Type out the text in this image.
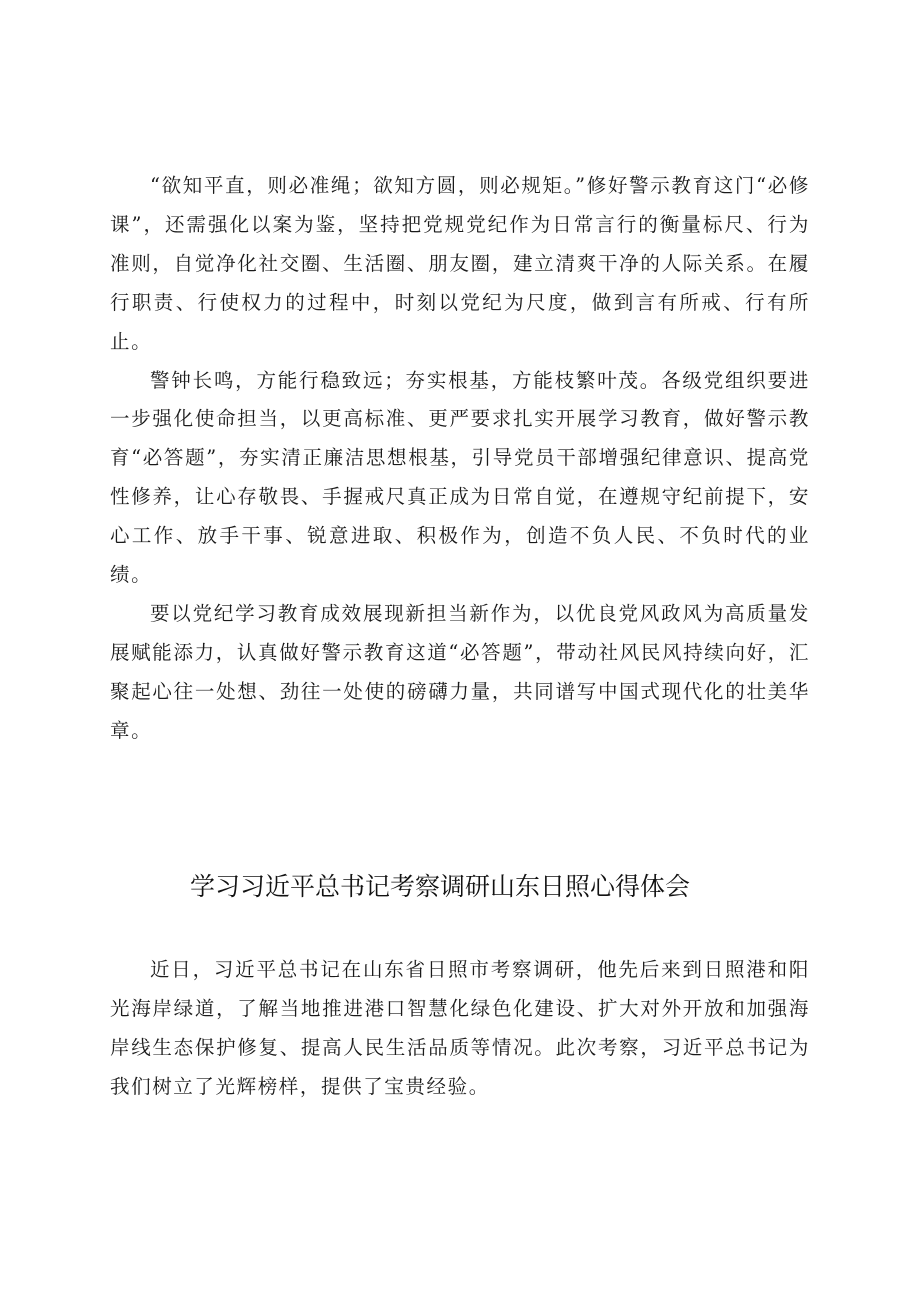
“欲知平直，则必准绳；欲知方圆，则必规矩。”修好警示教育这门“必修课”，还需强化以案为鉴，坚持把党规党纪作为日常言行的衡量标尺、行为准则，自觉净化社交圈、生活圈、朋友圈，建立清爽干净的人际关系。在履行职责、行使权力的过程中，时刻以党纪为尺度，做到言有所戒、行有所止。

警钟长鸣，方能行稳致远；夯实根基，方能枝繁叶茂。各级党组织要进一步强化使命担当，以更高标准、更严要求扎实开展学习教育，做好警示教育“必答题”，夯实清正廉洁思想根基，引导党员干部增强纪律意识、提高党性修养，让心存敬畏、手握戒尺真正成为日常自觉，在遵规守纪前提下，安心工作、放手干事、锐意进取、积极作为，创造不负人民、不负时代的业绩。

要以党纪学习教育成效展现新担当新作为，以优良党风政风为高质量发展赋能添力，认真做好警示教育这道“必答题”，带动社风民风持续向好，汇聚起心往一处想、劲往一处使的磅礴力量，共同谱写中国式现代化的壮美华章。

学习习近平总书记考察调研山东日照心得体会

近日，习近平总书记在山东省日照市考察调研，他先后来到日照港和阳光海岸绿道，了解当地推进港口智慧化绿色化建设、扩大对外开放和加强海岸线生态保护修复、提高人民生活品质等情况。此次考察，习近平总书记为我们树立了光辉榜样，提供了宝贵经验。
